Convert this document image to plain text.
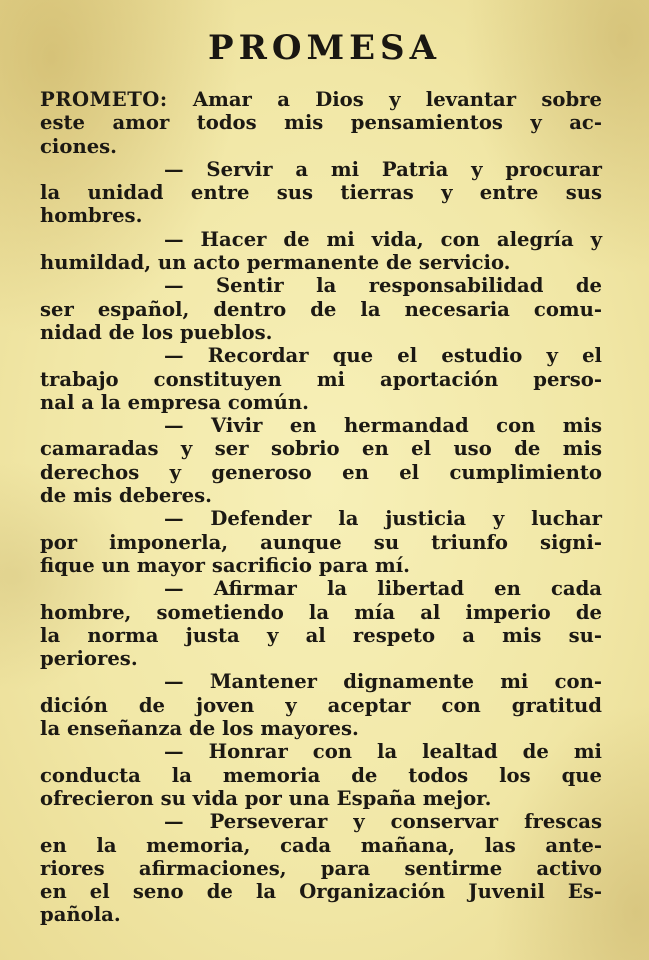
PROMESA
PROMETO: Amar a Dios y levantar sobre
este amor todos mis pensamientos y ac-
ciones.
— Servir a mi Patria y procurar
la unidad entre sus tierras y entre sus
hombres.
— Hacer de mi vida, con alegría y
humildad, un acto permanente de servicio.
— Sentir la responsabilidad de
ser español, dentro de la necesaria comu-
nidad de los pueblos.
— Recordar que el estudio y el
trabajo constituyen mi aportación perso-
nal a la empresa común.
— Vivir en hermandad con mis
camaradas y ser sobrio en el uso de mis
derechos y generoso en el cumplimiento
de mis deberes.
— Defender la justicia y luchar
por imponerla, aunque su triunfo signi-
fique un mayor sacrificio para mí.
— Afirmar la libertad en cada
hombre, sometiendo la mía al imperio de
la norma justa y al respeto a mis su-
periores.
— Mantener dignamente mi con-
dición de joven y aceptar con gratitud
la enseñanza de los mayores.
— Honrar con la lealtad de mi
conducta la memoria de todos los que
ofrecieron su vida por una España mejor.
— Perseverar y conservar frescas
en la memoria, cada mañana, las ante-
riores afirmaciones, para sentirme activo
en el seno de la Organización Juvenil Es-
pañola.
